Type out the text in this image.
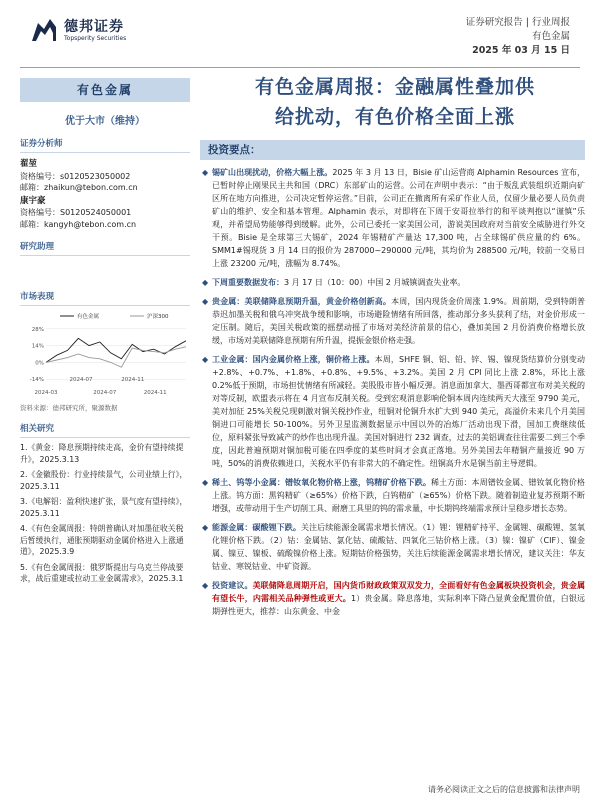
德邦证券
Topsperity Securities
证券研究报告 | 行业周报
有色金属
2025 年 03 月 15 日
有色金属
优于大市（维持）
证券分析师
翟堃
资格编号：s0120523050002
邮箱：zhaikun@tebon.com.cn
康宇豪
资格编号：S0120524050001
邮箱：kangyh@tebon.com.cn
研究助理
市场表现
28%
14%
0%
-14%
有色金属	沪深300
2024-03	2024-07	2024-11
2024-07	2024-11
资料来源：德邦研究所，聚源数据
相关研究
1.《黄金：降息预期持续走高，金价有望持续提升》，2025.3.13
2.《金徽股份：行业持续景气，公司业绩上行》，2025.3.11
3.《电解铝：盈利快速扩张，景气度有望持续》，2025.3.11
4.《有色金属周报：特朗普确认对加墨征收关税后暂缓执行，通胀预期驱动金属价格进入上涨通道》，2025.3.9
5.《有色金属周报：俄罗斯提出与乌克兰停战要求，战后重建或拉动工业金属需求》，2025.3.1
有色金属周报：金融属性叠加供
给扰动，有色价格全面上涨
投资要点：
◆ 锡矿山出现扰动，价格大幅上涨。2025 年 3 月 13 日，Bisie 矿山运营商 Alphamin Resources 宣布，已暂时停止刚果民主共和国（DRC）东部矿山的运营。公司在声明中表示：“由于叛乱武装组织近期向矿区所在地方向推进，公司决定暂停运营。”目前，公司正在撤离所有采矿作业人员，仅留少量必要人员负责矿山的维护、安全和基本管理。Alphamin 表示，对即将在下周于安哥拉举行的和平谈判抱以“谨慎”乐观，并希望局势能够得到缓解。此外，公司已委托一家美国公司，游说美国政府对当前安全威胁进行外交干预。Bisie 是全球第三大锡矿，2024 年锡精矿产量达 17,300 吨，占全球锡矿供应量的约 6%。SMM1#锡现货 3 月 14 日的报价为 287000~290000 元/吨，其均价为 288500 元/吨，较前一交易日上涨 23200 元/吨，涨幅为 8.74%。
◆ 下周重要数据发布：3 月 17 日（10：00）中国 2 月城镇调查失业率。
◆ 贵金属：美联储降息预期升温，黄金价格创新高。本周，国内现货金价周涨 1.9%。周前期，受到特朗普恭迟加墨关税和俄乌冲突战争缓和影响，市场避险情绪有所回落，推动部分多头获利了结，对金价形成一定压制。随后，美国关税政策的摇摆动摇了市场对美经济前景的信心，叠加美国 2 月份消费价格增长放缓，市场对美联储降息预期有所升温，提振金银价格走强。
◆ 工业金属：国内金属价格上涨，铜价格上涨。本周，SHFE 铜、铝、铅、锌、锡、镍现货结算价分别变动+2.8%、+0.7%、+1.8%、+0.8%、+9.5%、+3.2%。美国 2 月 CPI 同比上涨 2.8%，环比上涨 0.2%低于预期，市场担忧情绪有所减轻。美股股市皆小幅反弹。消息面加拿大、墨西哥都宣布对美关税的对等反制，欧盟表示将在 4 月宣布反制关税。受到宏观消息影响伦铜本周内连续两天大涨至 9790 美元，美对加征 25%关税兑现刺激对铜关税抄作业，纽铜对伦铜升水扩大到 940 美元，高溢价未来几个月美国铜进口可能增长 50-100%。另外卫星监测数据显示中国以外的冶炼厂活动出现下滑，国加工费继续低位，原料紧张导致减产的炒作也出现升温。美国对铜进行 232 调查，过去的美铝调查往往需要二到三个季度，因此普遍预期对铜加税可能在四季度的某些时间才会真正落地。另外美国去年精铜产量接近 90 万吨，50%的消费依赖进口，关税水平仍有非常大的不确定性。纽铜高升水是铜当前主导逻辑。
◆ 稀土、钨等小金属：镨钕氧化物价格上涨，钨精矿价格下跌。稀土方面：本周镨钕金属、镨钕氧化物价格上涨。钨方面：黑钨精矿（≥65%）价格下跌，白钨精矿（≥65%）价格下跌。随着制造业复苏预期不断增强，或带动用于生产切削工具、耐磨工具里的钨的需求量，中长期钨终端需求预计呈稳步增长态势。
◆ 能源金属：碳酸锂下跌。关注后续能源金属需求增长情况。（1）锂：锂精矿持平、金属锂、碳酸锂、氢氧化锂价格下跌。（2）钴：金属钴、氯化钴、硫酸钴、四氧化三钴价格上涨。（3）镍：镍矿（CIF）、镍金属、镍豆、镍板、硫酸镍价格上涨。短期钴价格强势，关注后续能源金属需求增长情况，建议关注：华友钴业、寒锐钴业、中矿资源。
◆ 投资建议。美联储降息周期开启，国内货币财政政策双双发力，全面看好有色金属板块投资机会，贵金属有望长牛，内需相关品种弹性或更大。1）贵金属。降息落地，实际利率下降凸显黄金配置价值，白银远期弹性更大，推荐：山东黄金、中金
请务必阅读正文之后的信息披露和法律声明
